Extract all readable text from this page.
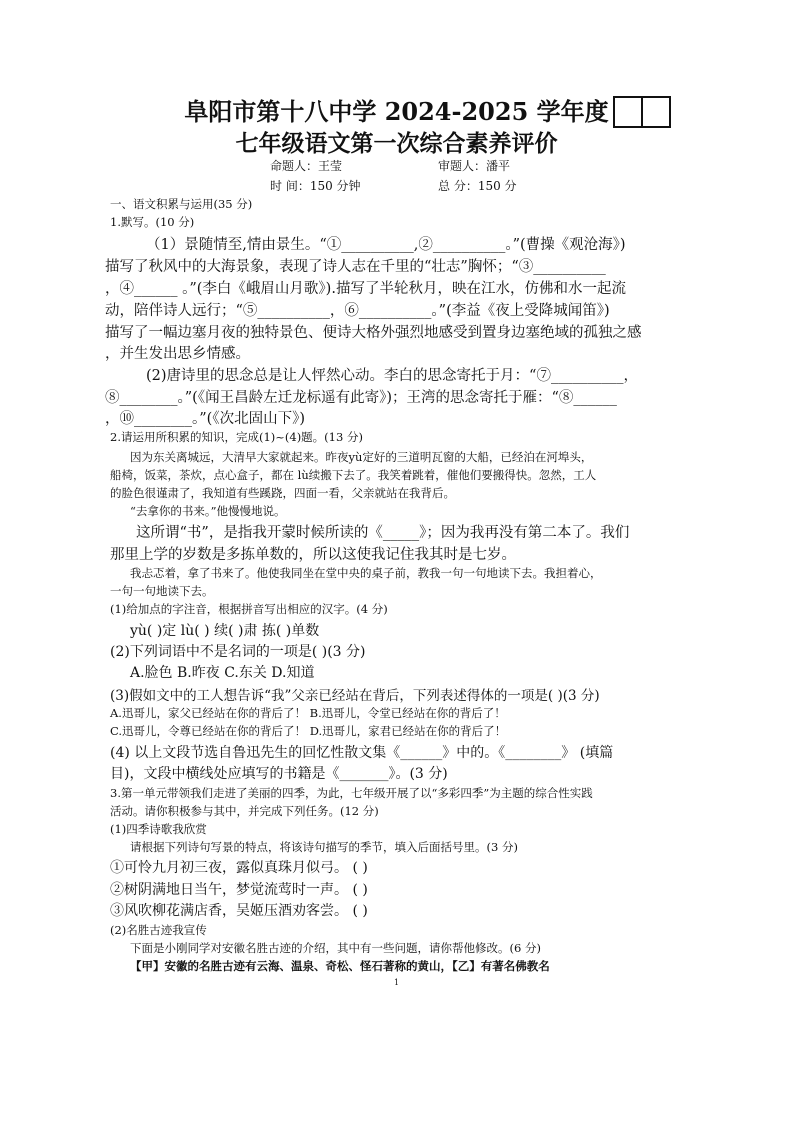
阜阳市第十八中学 2024-2025 学年度
七年级语文第一次综合素养评价
命题人：王莹	审题人：潘平
时 间：150 分钟	总 分：150 分
一、语文积累与运用(35 分)
1.默写。(10 分)
（1）景随情至,情由景生。“①__________,②__________。”(曹操《观沧海》)
描写了秋风中的大海景象，表现了诗人志在千里的“壮志”胸怀；“③__________
，④______ 。”(李白《峨眉山月歌》).描写了半轮秋月，映在江水，仿佛和水一起流
动，陪伴诗人远行；“⑤__________，⑥__________。”(李益《夜上受降城闻笛》)
描写了一幅边塞月夜的独特景色、便诗大格外强烈地感受到置身边塞绝域的孤独之感
，并生发出思乡情感。
(2)唐诗里的思念总是让人怦然心动。李白的思念寄托于月：“⑦__________，
⑧________。”(《闻王昌龄左迁龙标遥有此寄》)；王湾的思念寄托于雁：“⑧______
，⑩________。”(《次北固山下》)
2.请运用所积累的知识，完成(1)~(4)题。(13 分)
因为东关离城远，大清早大家就起来。昨夜yù定好的三道明瓦窗的大船，已经泊在河埠头，
船椅，饭菜，茶炊，点心盒子，都在 lù续搬下去了。我笑着跳着，催他们要搬得快。忽然，工人
的脸色很谨肃了，我知道有些蹊跷，四面一看，父亲就站在我背后。
“去拿你的书来。”他慢慢地说。
这所谓“书”，是指我开蒙时候所读的《_____》；因为我再没有第二本了。我们
那里上学的岁数是多拣单数的，所以这使我记住我其时是七岁。
我忐忑着，拿了书来了。他使我同坐在堂中央的桌子前，教我一句一句地读下去。我担着心，
一句一句地读下去。
(1)给加点的字注音，根据拼音写出相应的汉字。(4 分)
yù( )定 lù( ) 续( )肃 拣( )单数
(2)下列词语中不是名词的一项是( )(3 分)
A.脸色 B.昨夜 C.东关 D.知道
(3)假如文中的工人想告诉“我”父亲已经站在背后，下列表述得体的一项是( )(3 分)
A.迅哥儿，家父已经站在你的背后了！ B.迅哥儿，令堂已经站在你的背后了！
C.迅哥儿，令尊已经站在你的背后了！ D.迅哥儿，家君已经站在你的背后了！
(4) 以上文段节选自鲁迅先生的回忆性散文集《______》中的。《________》 (填篇
目)，文段中横线处应填写的书籍是《_______》。(3 分)
3.第一单元带领我们走进了美丽的四季，为此，七年级开展了以“多彩四季”为主题的综合性实践
活动。请你积极参与其中，并完成下列任务。(12 分)
(1)四季诗歌我欣赏
请根据下列诗句写景的特点，将该诗句描写的季节，填入后面括号里。(3 分)
①可怜九月初三夜，露似真珠月似弓。 ( )
②树阴满地日当午，梦觉流莺时一声。 ( )
③风吹柳花满店香，吴姬压酒劝客尝。 ( )
(2)名胜古迹我宣传
下面是小刚同学对安徽名胜古迹的介绍，其中有一些问题，请你帮他修改。(6 分)
【甲】安徽的名胜古迹有云海、温泉、奇松、怪石著称的黄山，【乙】有著名佛教名
1
